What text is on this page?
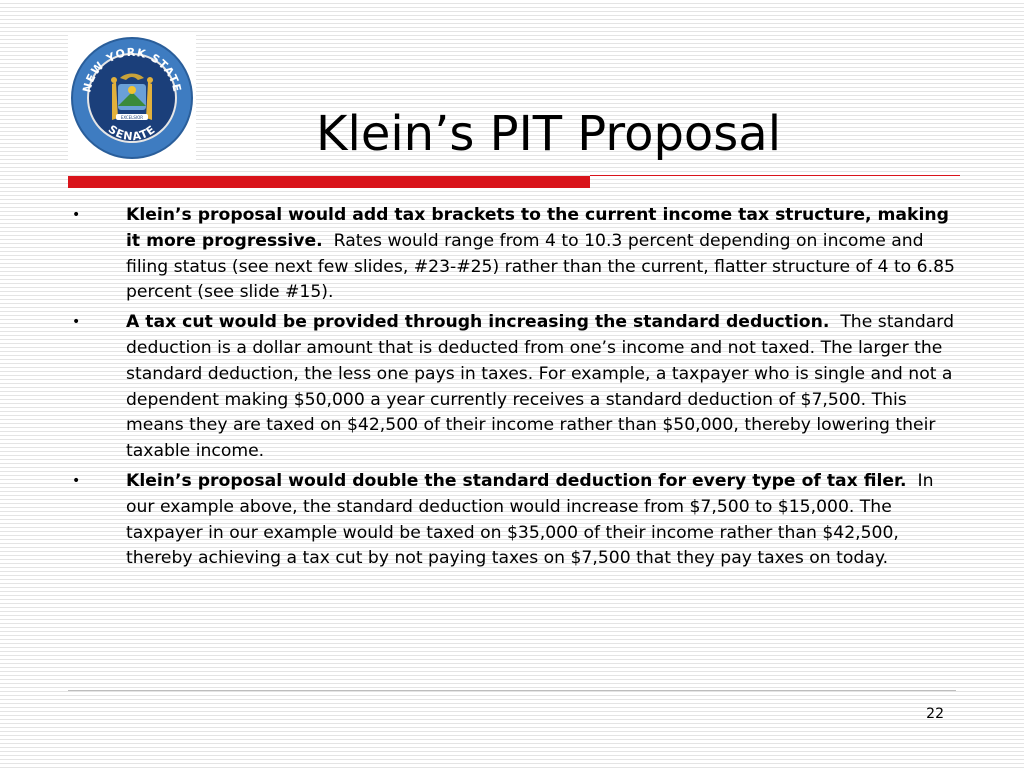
NEW YORK STATE
SENATE
EXCELSIOR	Klein’s PIT Proposal
•	Klein’s proposal would add tax brackets to the current income tax structure, making it more progressive. Rates would range from 4 to 10.3 percent depending on income and filing status (see next few slides, #23-#25) rather than the current, flatter structure of 4 to 6.85 percent (see slide #15).
•	A tax cut would be provided through increasing the standard deduction. The standard deduction is a dollar amount that is deducted from one’s income and not taxed. The larger the standard deduction, the less one pays in taxes. For example, a taxpayer who is single and not a dependent making $50,000 a year currently receives a standard deduction of $7,500. This means they are taxed on $42,500 of their income rather than $50,000, thereby lowering their taxable income.
•	Klein’s proposal would double the standard deduction for every type of tax filer. In our example above, the standard deduction would increase from $7,500 to $15,000. The taxpayer in our example would be taxed on $35,000 of their income rather than $42,500, thereby achieving a tax cut by not paying taxes on $7,500 that they pay taxes on today.
22
